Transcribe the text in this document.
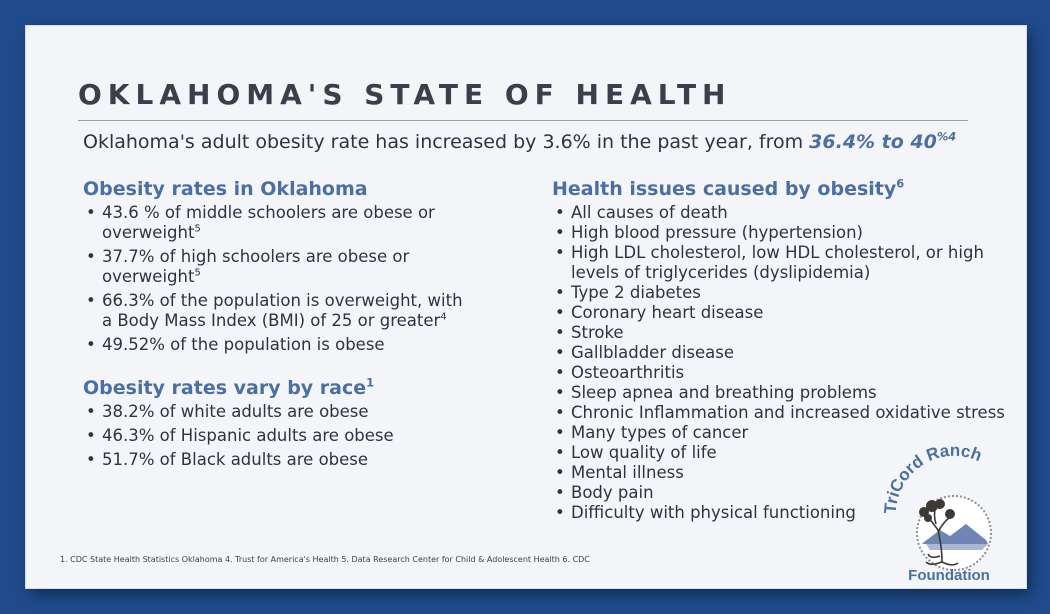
OKLAHOMA'S STATE OF HEALTH
Oklahoma's adult obesity rate has increased by 3.6% in the past year, from 36.4% to $40^{\%4}$
Obesity rates in Oklahoma
• 43.6 % of middle schoolers are obese or overweight$^5$
• 37.7% of high schoolers are obese or overweight$^5$
• 66.3% of the population is overweight, with a Body Mass Index (BMI) of 25 or greater$^4$
• 49.52% of the population is obese
Obesity rates vary by race$^1$
• 38.2% of white adults are obese
• 46.3% of Hispanic adults are obese
• 51.7% of Black adults are obese
Health issues caused by obesity$^6$
• All causes of death
• High blood pressure (hypertension)
• High LDL cholesterol, low HDL cholesterol, or high levels of triglycerides (dyslipidemia)
• Type 2 diabetes
• Coronary heart disease
• Stroke
• Gallbladder disease
• Osteoarthritis
• Sleep apnea and breathing problems
• Chronic Inflammation and increased oxidative stress
• Many types of cancer
• Low quality of life
• Mental illness
• Body pain
• Difficulty with physical functioning
1. CDC State Health Statistics Oklahoma 4. Trust for America's Health 5. Data Research Center for Child & Adolescent Health 6. CDC
TriCord Ranch
Foundation
